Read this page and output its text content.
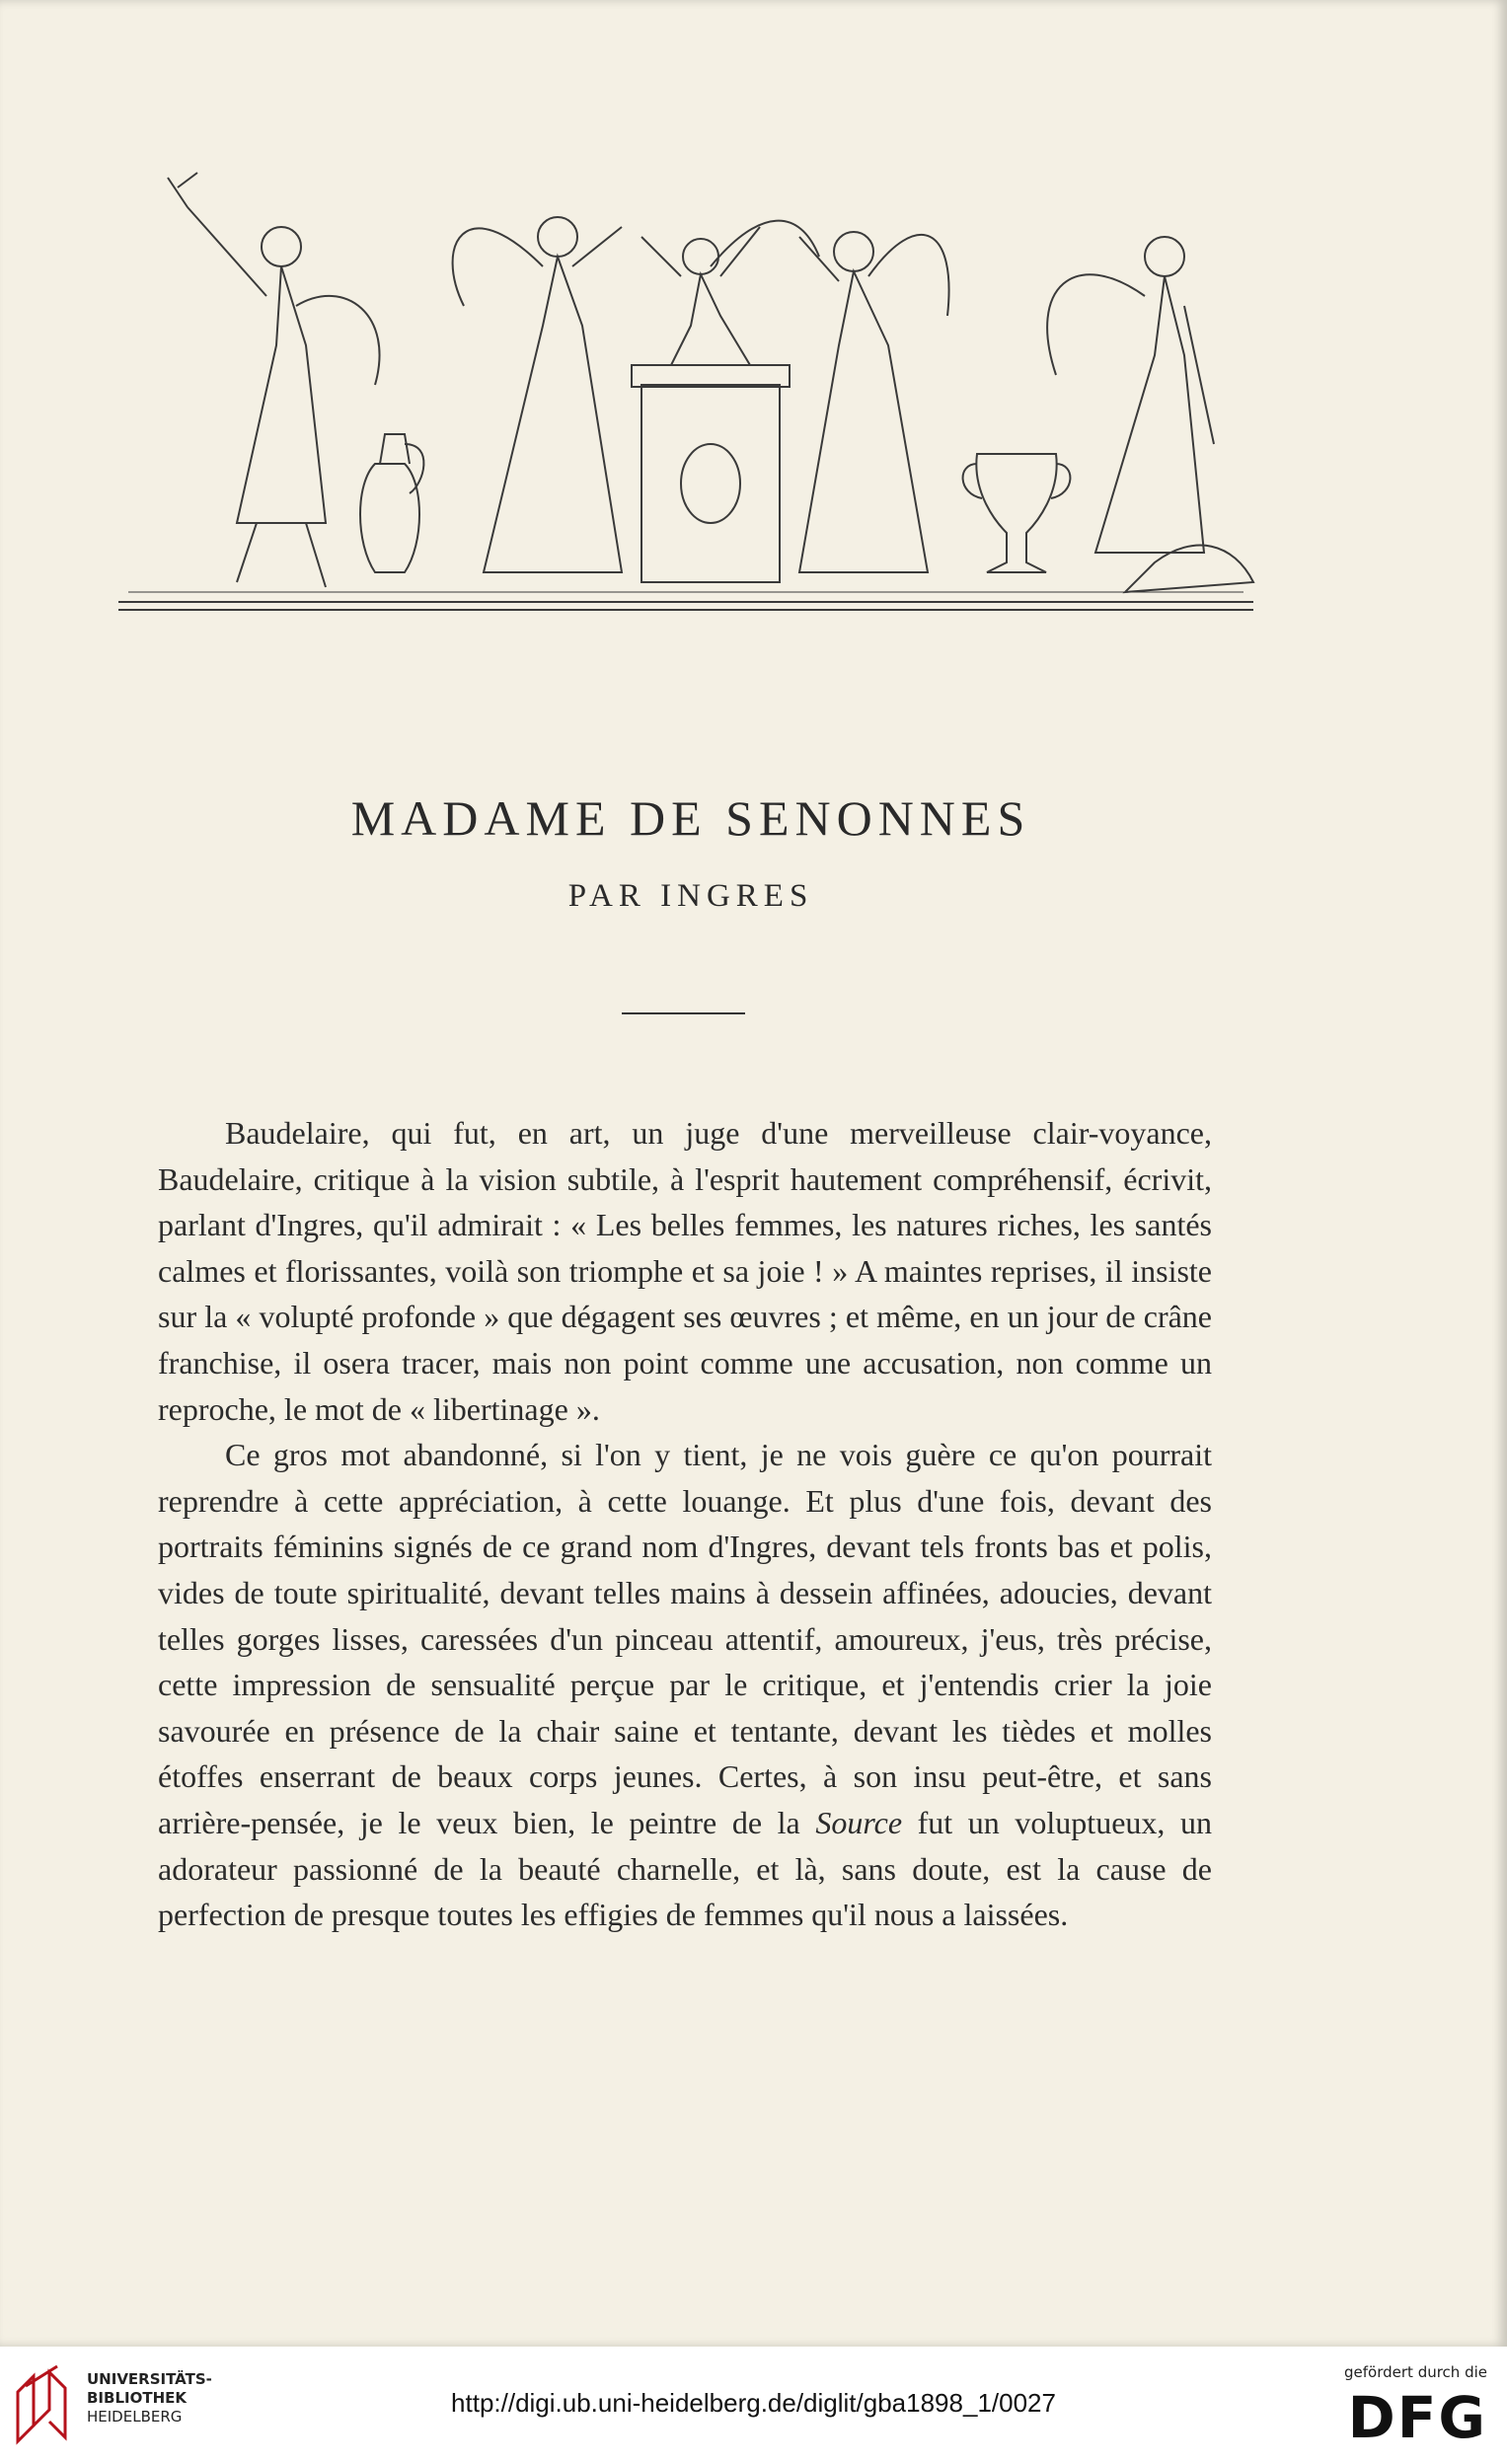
MADAME DE SENONNES
PAR INGRES

Baudelaire, qui fut, en art, un juge d'une merveilleuse clair-voyance, Baudelaire, critique à la vision subtile, à l'esprit hautement compréhensif, écrivit, parlant d'Ingres, qu'il admirait : « Les belles femmes, les natures riches, les santés calmes et florissantes, voilà son triomphe et sa joie ! » A maintes reprises, il insiste sur la « volupté profonde » que dégagent ses œuvres ; et même, en un jour de crâne franchise, il osera tracer, mais non point comme une accusation, non comme un reproche, le mot de « libertinage ».

Ce gros mot abandonné, si l'on y tient, je ne vois guère ce qu'on pourrait reprendre à cette appréciation, à cette louange. Et plus d'une fois, devant des portraits féminins signés de ce grand nom d'Ingres, devant tels fronts bas et polis, vides de toute spiritualité, devant telles mains à dessein affinées, adoucies, devant telles gorges lisses, caressées d'un pinceau attentif, amoureux, j'eus, très précise, cette impression de sensualité perçue par le critique, et j'entendis crier la joie savourée en présence de la chair saine et tentante, devant les tièdes et molles étoffes enserrant de beaux corps jeunes. Certes, à son insu peut-être, et sans arrière-pensée, je le veux bien, le peintre de la Source fut un voluptueux, un adorateur passionné de la beauté charnelle, et là, sans doute, est la cause de perfection de presque toutes les effigies de femmes qu'il nous a laissées.

UNIVERSITÄTS-
BIBLIOTHEK
HEIDELBERG	http://digi.ub.uni-heidelberg.de/diglit/gba1898_1/0027
gefördert durch die
DFG
